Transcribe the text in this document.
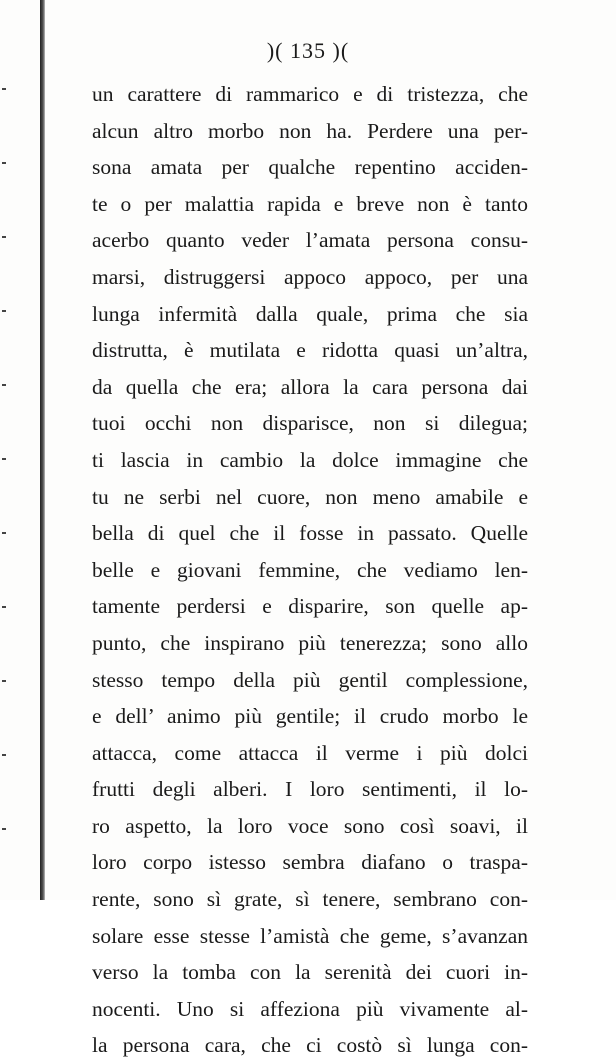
)( 135 )(
un carattere di rammarico e di tristezza, che
alcun altro morbo non ha. Perdere una per-
sona amata per qualche repentino acciden-
te o per malattia rapida e breve non è tanto
acerbo quanto veder l’amata persona consu-
marsi, distruggersi appoco appoco, per una
lunga infermità dalla quale, prima che sia
distrutta, è mutilata e ridotta quasi un’altra,
da quella che era; allora la cara persona dai
tuoi occhi non disparisce, non si dilegua;
ti lascia in cambio la dolce immagine che
tu ne serbi nel cuore, non meno amabile e
bella di quel che il fosse in passato. Quelle
belle e giovani femmine, che vediamo len-
tamente perdersi e disparire, son quelle ap-
punto, che inspirano più tenerezza; sono allo
stesso tempo della più gentil complessione,
e dell’ animo più gentile; il crudo morbo le
attacca, come attacca il verme i più dolci
frutti degli alberi. I loro sentimenti, il lo-
ro aspetto, la loro voce sono così soavi, il
loro corpo istesso sembra diafano o traspa-
rente, sono sì grate, sì tenere, sembrano con-
solare esse stesse l’amistà che geme, s’avanzan
verso la tomba con la serenità dei cuori in-
nocenti. Uno si affeziona più vivamente al-
la persona cara, che ci costò sì lunga con-
